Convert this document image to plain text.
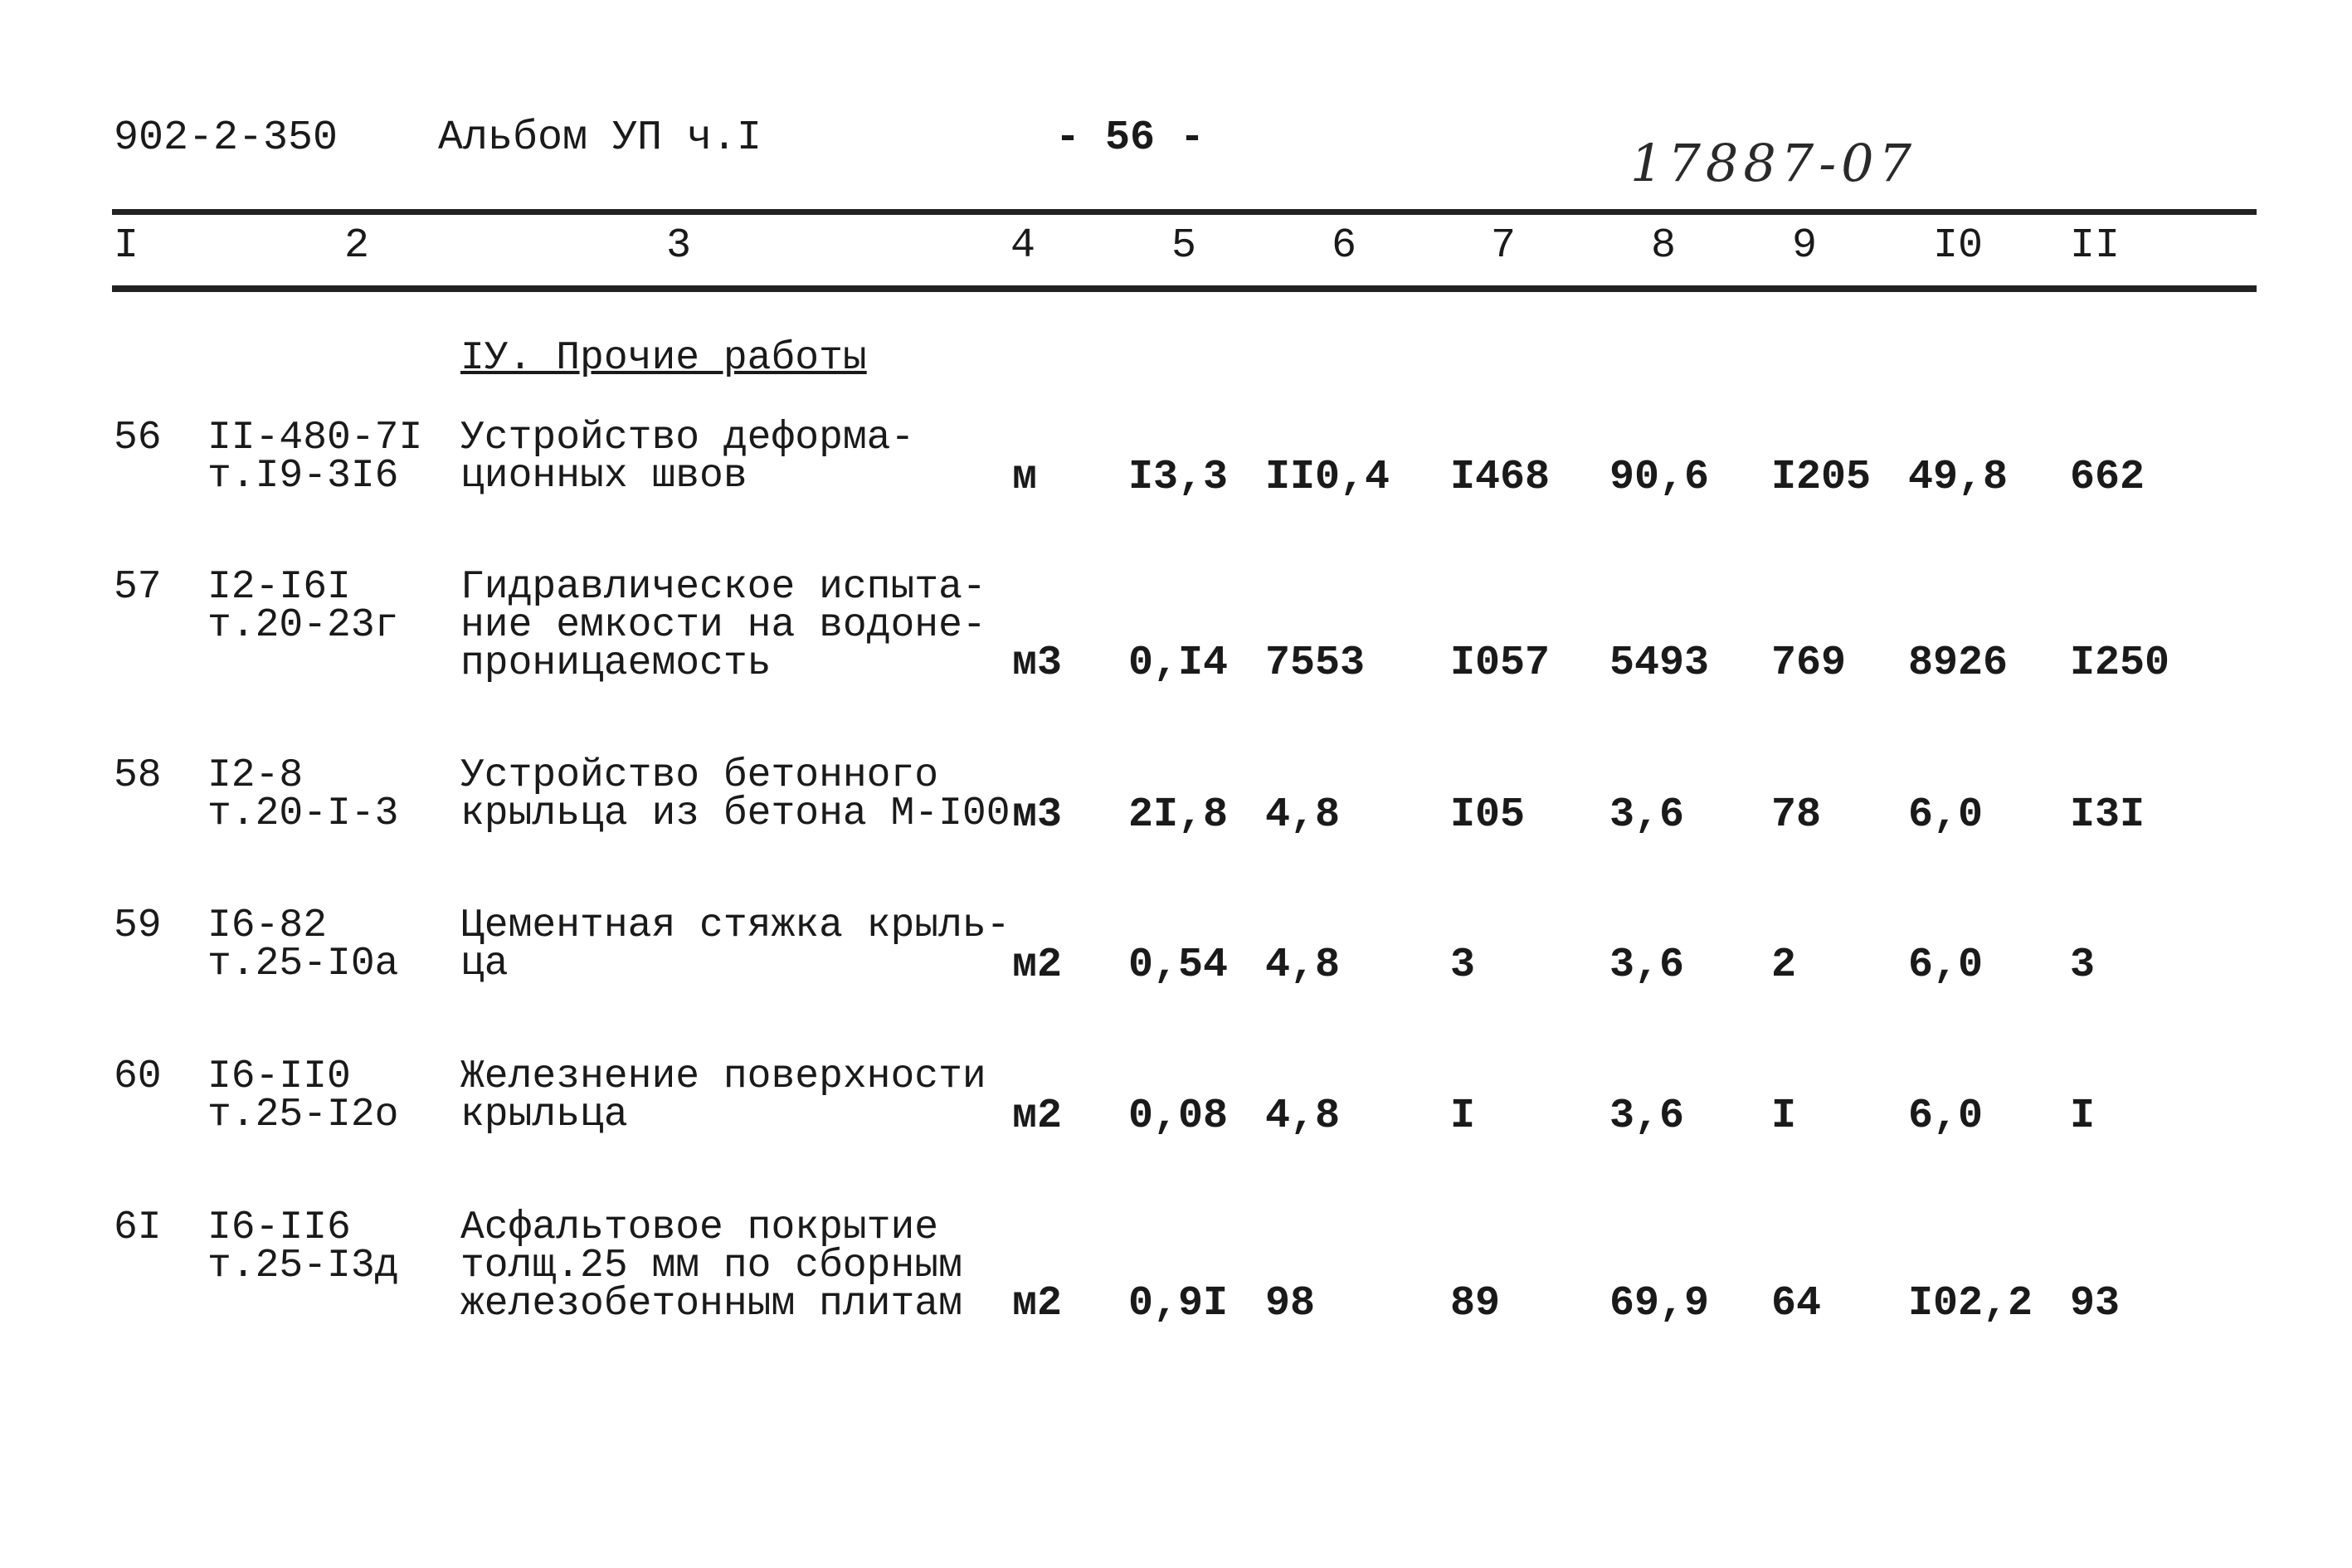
902-2-350 Альбом УП ч.I	- 56 -	17887-07
I	2	3	4	5	6	7	8	9	I0 II
IУ. Прочие работы
56 II-480-7I
т.I9-3I6
Устройство деформа-
ционных швов	м I3,3 II0,4 I468 90,6 I205 49,8 662
57 I2-I6I
т.20-23г
Гидравлическое испыта-
ние емкости на водоне-
проницаемость	м3 0,I4 7553 I057 5493 769 8926 I250
58 I2-8
т.20-I-3
Устройство бетонного
крыльца из бетона М-I00 м3 2I,8 4,8	I05 3,6 78 6,0 I3I
59 I6-82
т.25-I0а
Цементная стяжка крыль-
ца	м2 0,54 4,8	3	3,6 2	6,0 3
60 I6-II0
т.25-I2о
Железнение поверхности
крыльца	м2 0,08 4,8	I	3,6 I	6,0 I
6I I6-II6
т.25-I3д
Асфальтовое покрытие
толщ.25 мм по сборным
железобетонным плитам м2 0,9I 98	89	69,9 64 I02,2 93
